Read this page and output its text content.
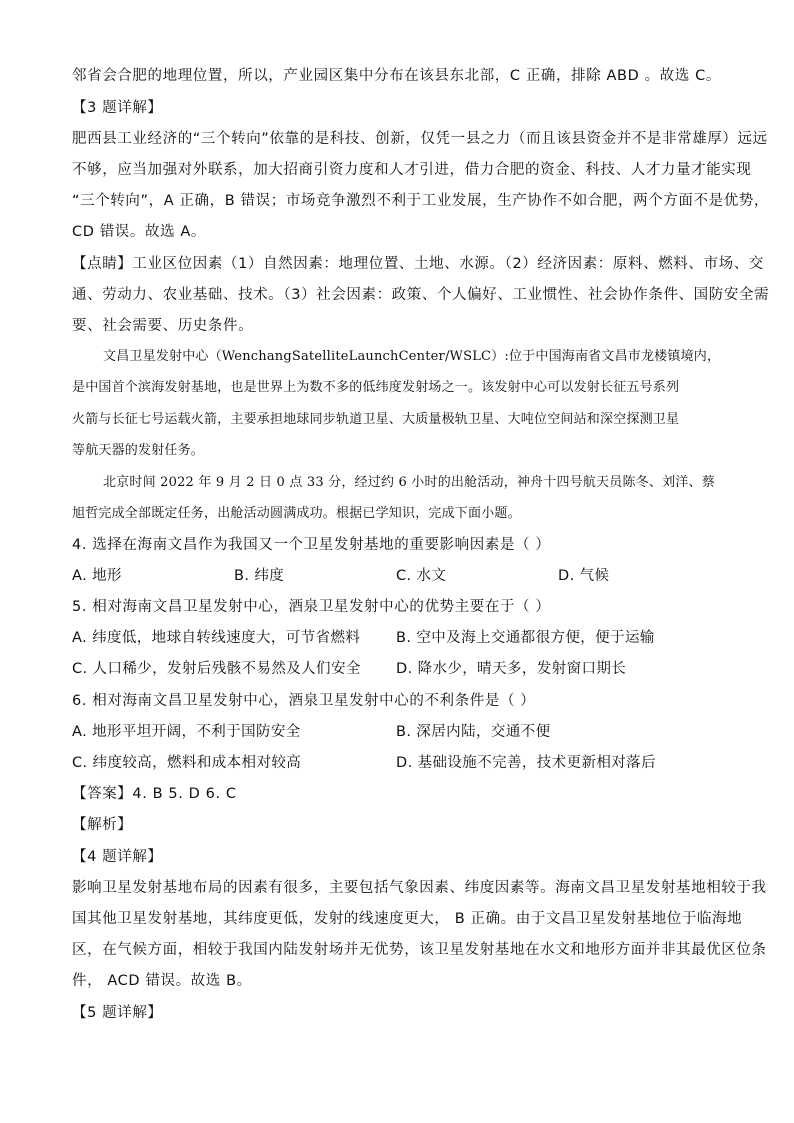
邻省会合肥的地理位置，所以，产业园区集中分布在该县东北部，C 正确，排除 ABD 。故选 C。
【3 题详解】
肥西县工业经济的“三个转向”依靠的是科技、创新，仅凭一县之力（而且该县资金并不是非常雄厚）远远
不够，应当加强对外联系，加大招商引资力度和人才引进，借力合肥的资金、科技、人才力量才能实现
“三个转向”，A 正确，B 错误；市场竞争激烈不利于工业发展，生产协作不如合肥，两个方面不是优势，
CD 错误。故选 A。
【点睛】工业区位因素（1）自然因素：地理位置、土地、水源。（2）经济因素：原料、燃料、市场、交
通、劳动力、农业基础、技术。（3）社会因素：政策、个人偏好、工业惯性、社会协作条件、国防安全需
要、社会需要、历史条件。
文昌卫星发射中心（WenchangSatelliteLaunchCenter/WSLC）:位于中国海南省文昌市龙楼镇境内，
是中国首个滨海发射基地，也是世界上为数不多的低纬度发射场之一。该发射中心可以发射长征五号系列
火箭与长征七号运载火箭，主要承担地球同步轨道卫星、大质量极轨卫星、大吨位空间站和深空探测卫星
等航天器的发射任务。
北京时间 2022 年 9 月 2 日 0 点 33 分，经过约 6 小时的出舱活动，神舟十四号航天员陈冬、刘洋、蔡
旭哲完成全部既定任务，出舱活动圆满成功。根据已学知识，完成下面小题。
4. 选择在海南文昌作为我国又一个卫星发射基地的重要影响因素是（ ）
A. 地形	B. 纬度	C. 水文	D. 气候
5. 相对海南文昌卫星发射中心，酒泉卫星发射中心的优势主要在于（ ）
A. 纬度低，地球自转线速度大，可节省燃料 B. 空中及海上交通都很方便，便于运输
C. 人口稀少，发射后残骸不易然及人们安全 D. 降水少，晴天多，发射窗口期长
6. 相对海南文昌卫星发射中心，酒泉卫星发射中心的不利条件是（ ）
A. 地形平坦开阔，不利于国防安全	B. 深居内陆，交通不便
C. 纬度较高，燃料和成本相对较高	D. 基础设施不完善，技术更新相对落后
【答案】4. B 5. D 6. C
【解析】
【4 题详解】
影响卫星发射基地布局的因素有很多，主要包括气象因素、纬度因素等。海南文昌卫星发射基地相较于我
国其他卫星发射基地，其纬度更低，发射的线速度更大， B 正确。由于文昌卫星发射基地位于临海地
区，在气候方面，相较于我国内陆发射场并无优势，该卫星发射基地在水文和地形方面并非其最优区位条
件， ACD 错误。故选 B。
【5 题详解】
